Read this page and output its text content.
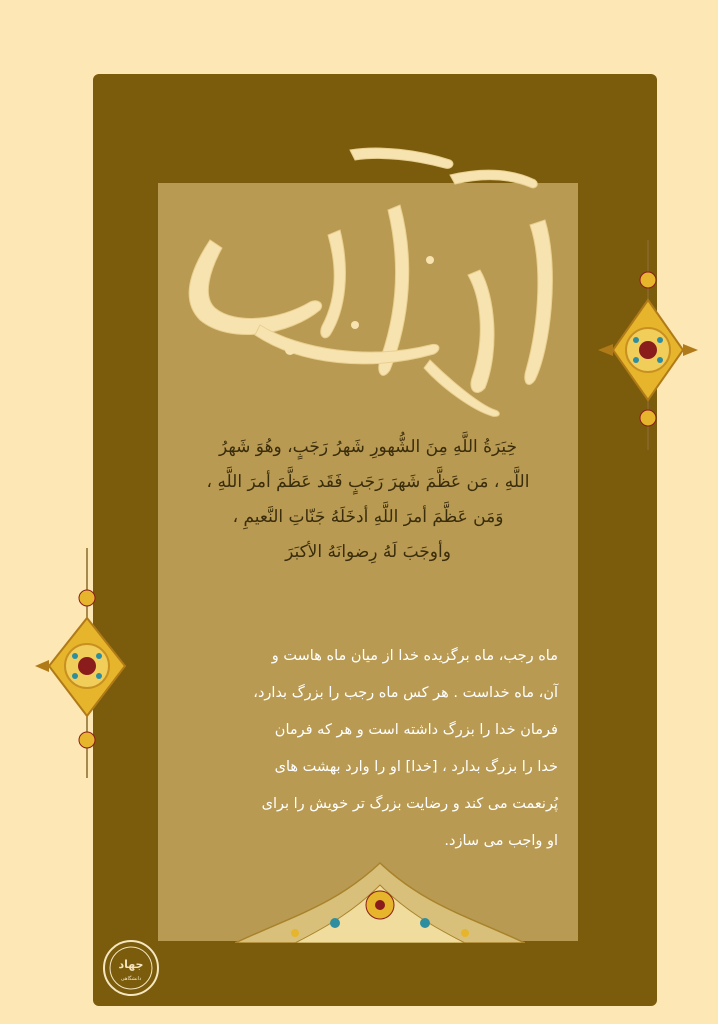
خِیَرَةُ اللَّهِ مِنَ الشُّهورِ شَهرُ رَجَبٍ، وهُوَ شَهرُ
اللَّهِ ، مَن عَظَّمَ شَهرَ رَجَبٍ فَقَد عَظَّمَ أمرَ اللَّهِ ،
وَمَن عَظَّمَ أمرَ اللَّهِ أدخَلَهُ جَنّاتِ النَّعيمِ ،
وأوجَبَ لَهُ رِضوانَهُ الأكبَرَ
ماه رجب، ماه برگزیده خدا از میان ماه هاست و
آن، ماه خداست . هر کس ماه رجب را بزرگ بدارد،
فرمان خدا را بزرگ داشته است و هر که فرمان
خدا را بزرگ بدارد ، [خدا] او را وارد بهشت های
پُرنعمت می کند و رضایت بزرگ تر خویش را برای
او واجب می سازد.
جهاد
دانشگاهی
